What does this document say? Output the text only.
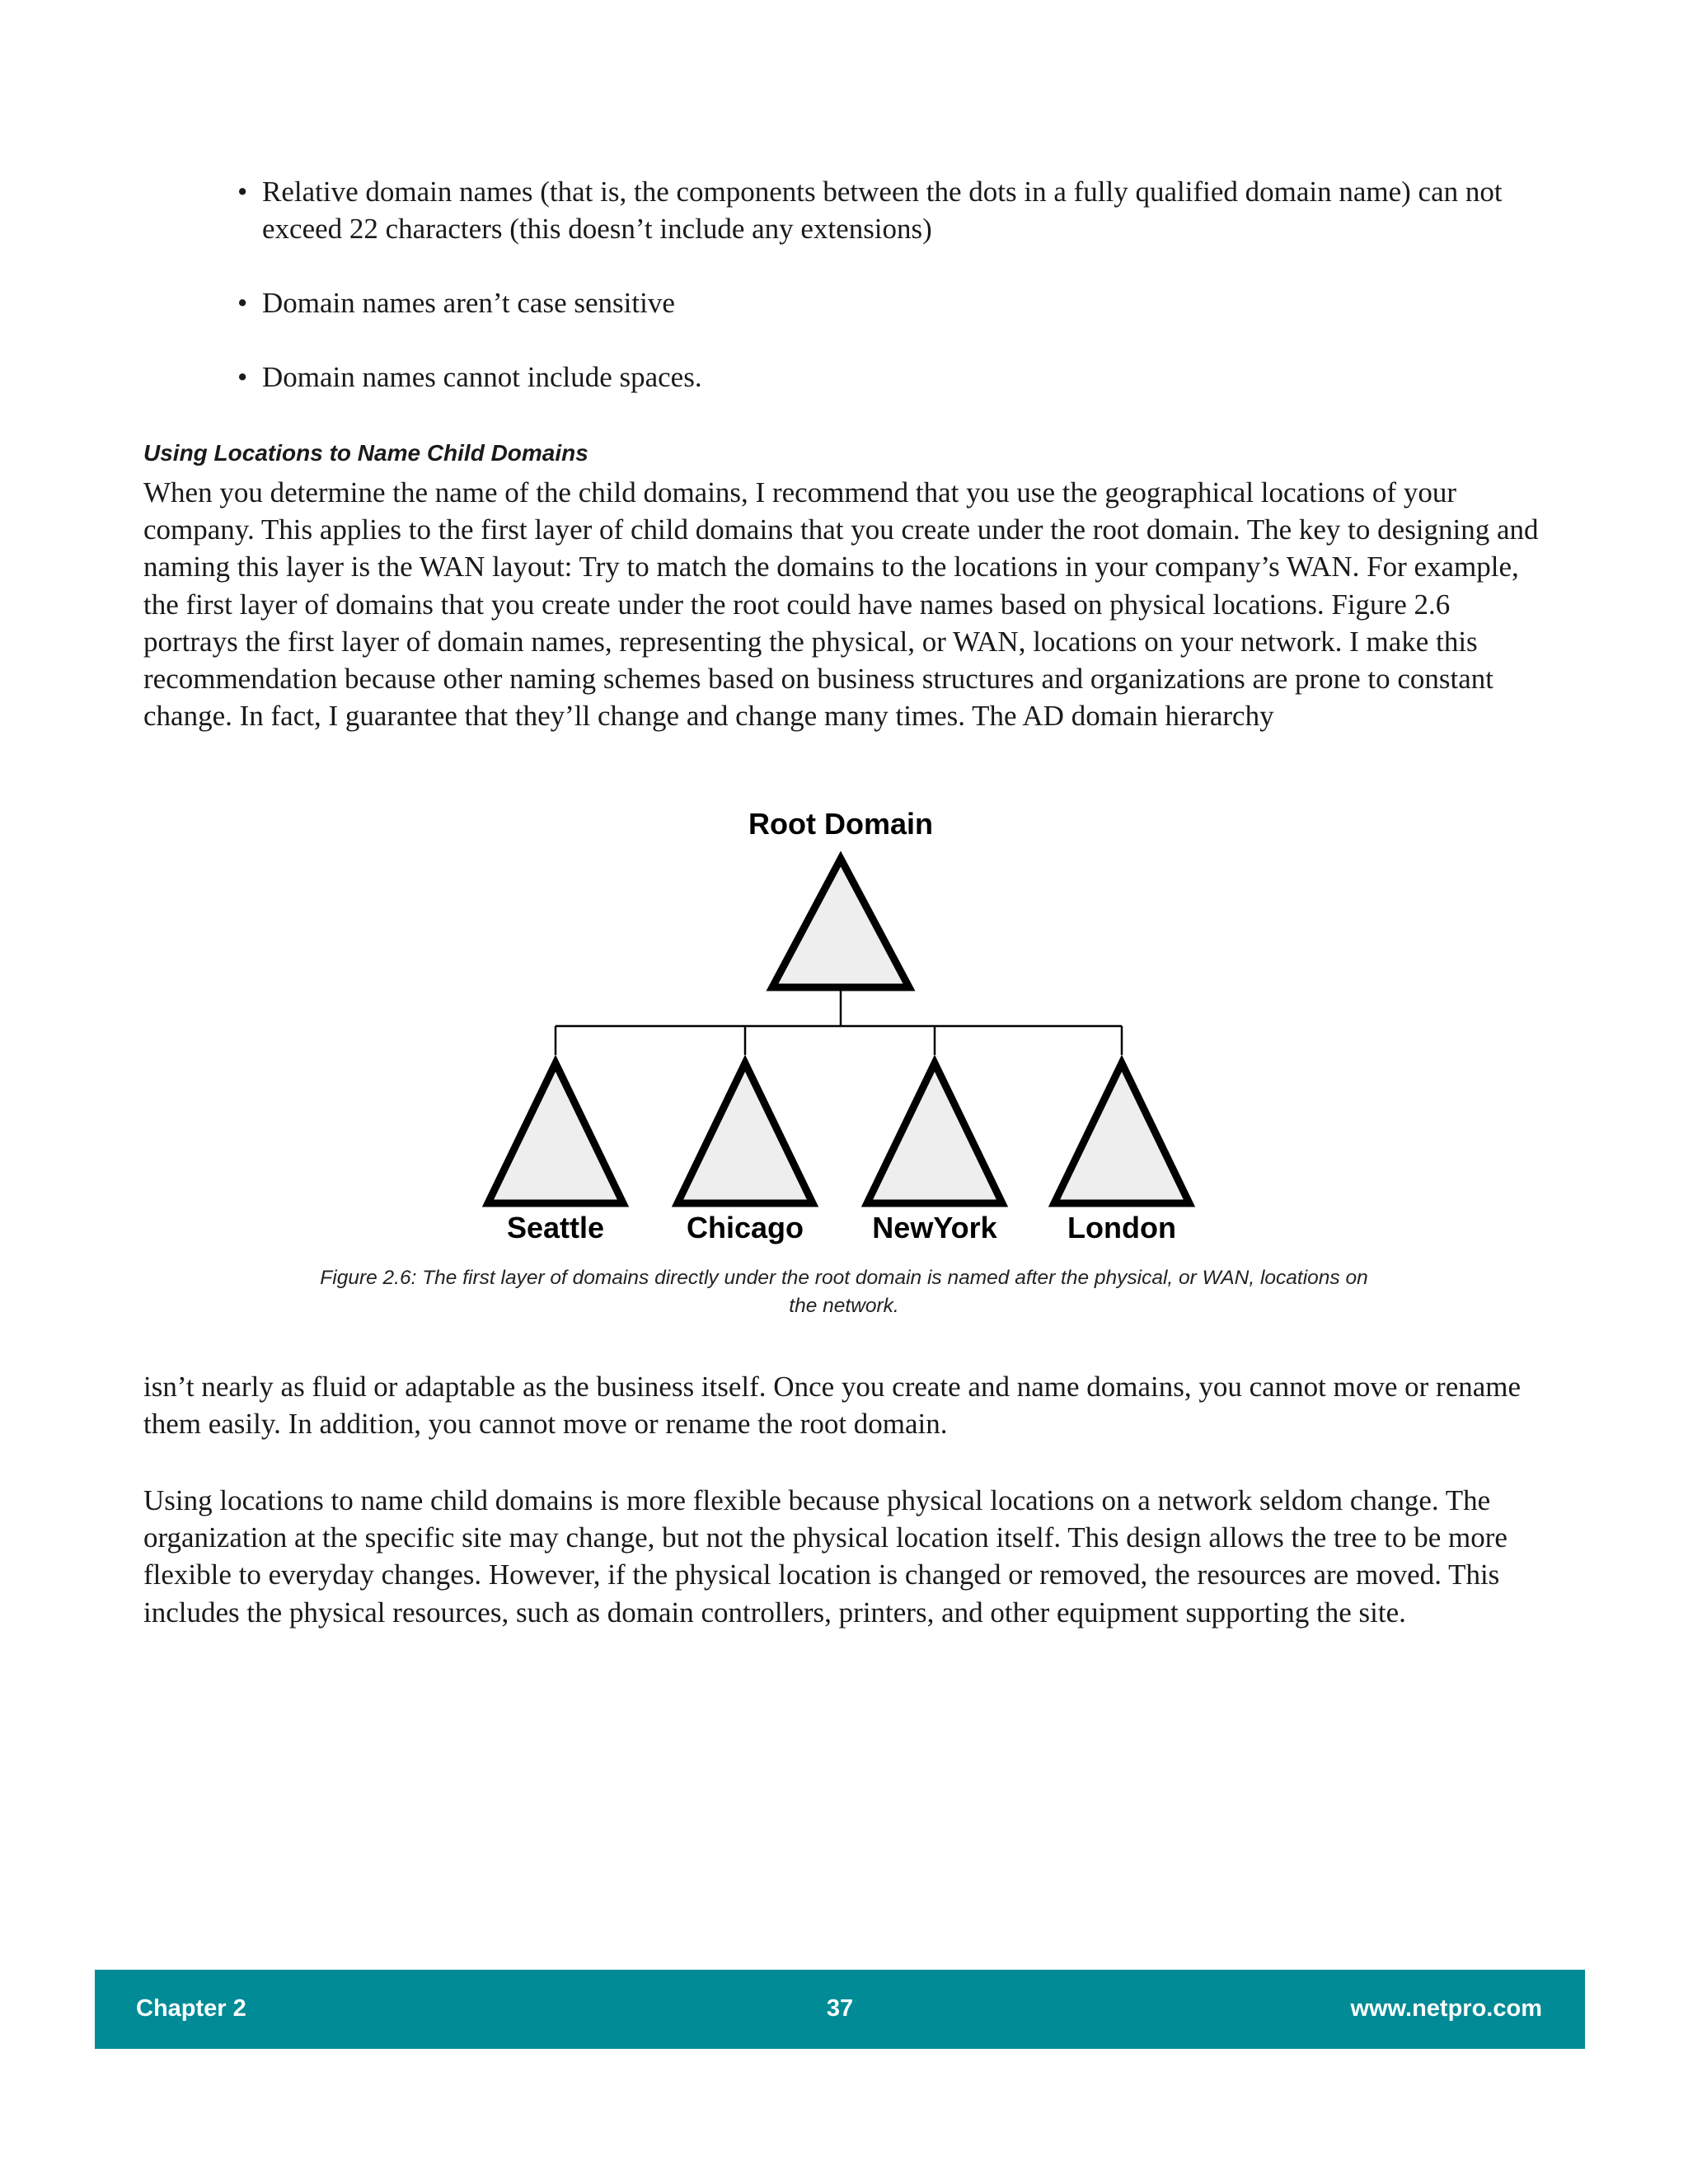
• Relative domain names (that is, the components between the dots in a fully qualified domain name) can not exceed 22 characters (this doesn’t include any extensions)

• Domain names aren’t case sensitive

• Domain names cannot include spaces.

Using Locations to Name Child Domains

When you determine the name of the child domains, I recommend that you use the geographical locations of your company. This applies to the first layer of child domains that you create under the root domain. The key to designing and naming this layer is the WAN layout: Try to match the domains to the locations in your company’s WAN. For example, the first layer of domains that you create under the root could have names based on physical locations. Figure 2.6 portrays the first layer of domain names, representing the physical, or WAN, locations on your network. I make this recommendation because other naming schemes based on business structures and organizations are prone to constant change. In fact, I guarantee that they’ll change and change many times. The AD domain hierarchy

Root Domain
Seattle	Chicago NewYork London

Figure 2.6: The first layer of domains directly under the root domain is named after the physical, or WAN, locations on the network.

isn’t nearly as fluid or adaptable as the business itself. Once you create and name domains, you cannot move or rename them easily. In addition, you cannot move or rename the root domain.

Using locations to name child domains is more flexible because physical locations on a network seldom change. The organization at the specific site may change, but not the physical location itself. This design allows the tree to be more flexible to everyday changes. However, if the physical location is changed or removed, the resources are moved. This includes the physical resources, such as domain controllers, printers, and other equipment supporting the site.

Chapter 2	37	www.netpro.com
